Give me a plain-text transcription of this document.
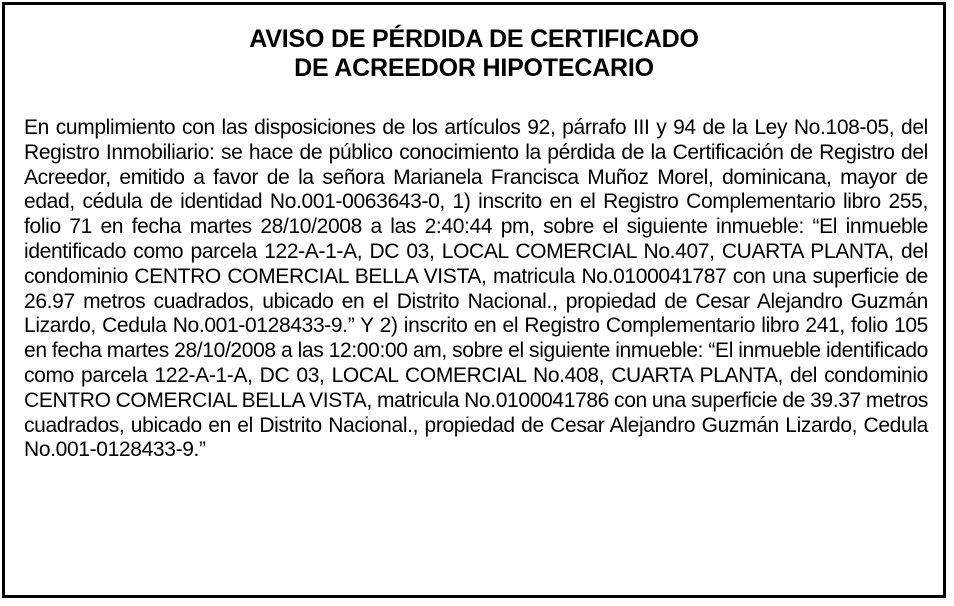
AVISO DE PÉRDIDA DE CERTIFICADO
DE ACREEDOR HIPOTECARIO

En cumplimiento con las disposiciones de los artículos 92, párrafo III y 94 de la Ley No.108-05, del Registro Inmobiliario: se hace de público conocimiento la pérdida de la Certificación de Registro del Acreedor, emitido a favor de la señora Marianela Francisca Muñoz Morel, dominicana, mayor de edad, cédula de identidad No.001-0063643-0, 1) inscrito en el Registro Complementario libro 255, folio 71 en fecha martes 28/10/2008 a las 2:40:44 pm, sobre el siguiente inmueble: “El inmueble identificado como parcela 122-A-1-A, DC 03, LOCAL COMERCIAL No.407, CUARTA PLANTA, del condominio CENTRO COMERCIAL BELLA VISTA, matricula No.0100041787 con una superficie de 26.97 metros cuadrados, ubicado en el Distrito Nacional., propiedad de Cesar Alejandro Guzmán Lizardo, Cedula No.001-0128433-9.” Y 2) inscrito en el Registro Complementario libro 241, folio 105 en fecha martes 28/10/2008 a las 12:00:00 am, sobre el siguiente inmueble: “El inmueble identificado como parcela 122-A-1-A, DC 03, LOCAL COMERCIAL No.408, CUARTA PLANTA, del condominio CENTRO COMERCIAL BELLA VISTA, matricula No.0100041786 con una superficie de 39.37 metros cuadrados, ubicado en el Distrito Nacional., propiedad de Cesar Alejandro Guzmán Lizardo, Cedula No.001-0128433-9.”
